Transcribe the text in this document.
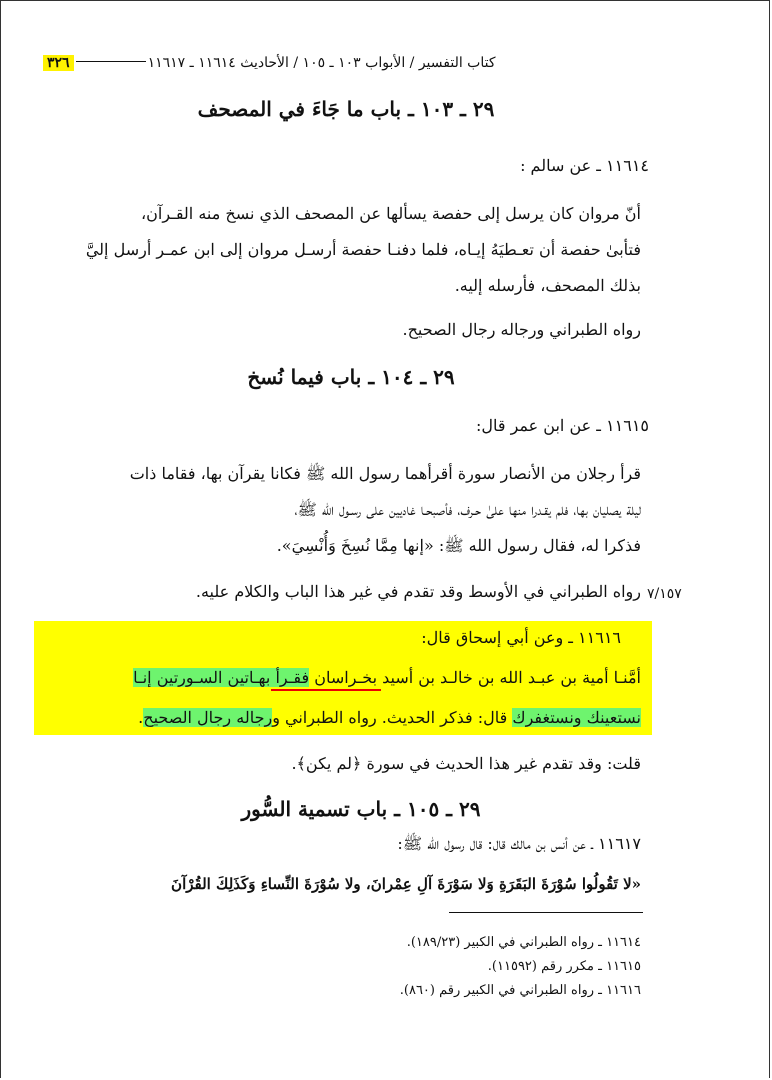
٣٢٦	كتاب التفسير / الأبواب ١٠٣ ـ ١٠٥ / الأحاديث ١١٦١٤ ـ ١١٦١٧
٢٩ ـ ١٠٣ ـ باب ما جَاءَ في المصحف
١١٦١٤ ـ عن سالم :
أنّ مروان كان يرسل إلى حفصة يسألها عن المصحف الذي نسخ منه القـرآن،
فتأبىٰ حفصة أن تعـطيَهُ إيـاه، فلما دفنـا حفصة أرسـل مروان إلى ابن عمـر أرسل إليَّ
بذلك المصحف، فأرسله إليه.
رواه الطبراني ورجاله رجال الصحيح.
٢٩ ـ ١٠٤ ـ باب فيما نُسخ
١١٦١٥ ـ عن ابن عمر قال:
قرأ رجلان من الأنصار سورة أقرأهما رسول الله ﷺ فكانا يقرآن بها، فقاما ذات
ليلة يصليان بها، فلم يقـدرا منها علىٰ حـرف، فأصبحـا غاديين على رسـول الله ﷺ،
فذكرا له، فقال رسول الله ﷺ: «إنها مِمَّا نُسِخَ وَأُنْسِيَ».
رواه الطبراني في الأوسط وقد تقدم في غير هذا الباب والكلام عليه. ٧/١٥٧
١١٦١٦ ـ وعن أبي إسحاق قال:
أمَّنـا أمية بن عبـد الله بن خالـد بن أسيد بخـراسان فقـرأ بهـاتين السـورتين إنـا
نستعينك ونستغفرك قال: فذكر الحديث. رواه الطبراني ورجاله رجال الصحيح.
قلت: وقد تقدم غير هذا الحديث في سورة ﴿لم يكن﴾.
٢٩ ـ ١٠٥ ـ باب تسمية السُّور
١١٦١٧ ـ عن أنس بن مالك قال: قال رسول الله ﷺ:
«لا تَقُولُوا سُوْرَةَ البَقَرَةِ وَلا سَوْرَةَ آلِ عِمْرانَ، ولا سُوْرَةَ النِّساءِ وَكَذَلِكَ القُرْآنَ
١١٦١٤ ـ رواه الطبراني في الكبير (١٨٩/٢٣).
١١٦١٥ ـ مكرر رقم (١١٥٩٢).
١١٦١٦ ـ رواه الطبراني في الكبير رقم (٨٦٠).
